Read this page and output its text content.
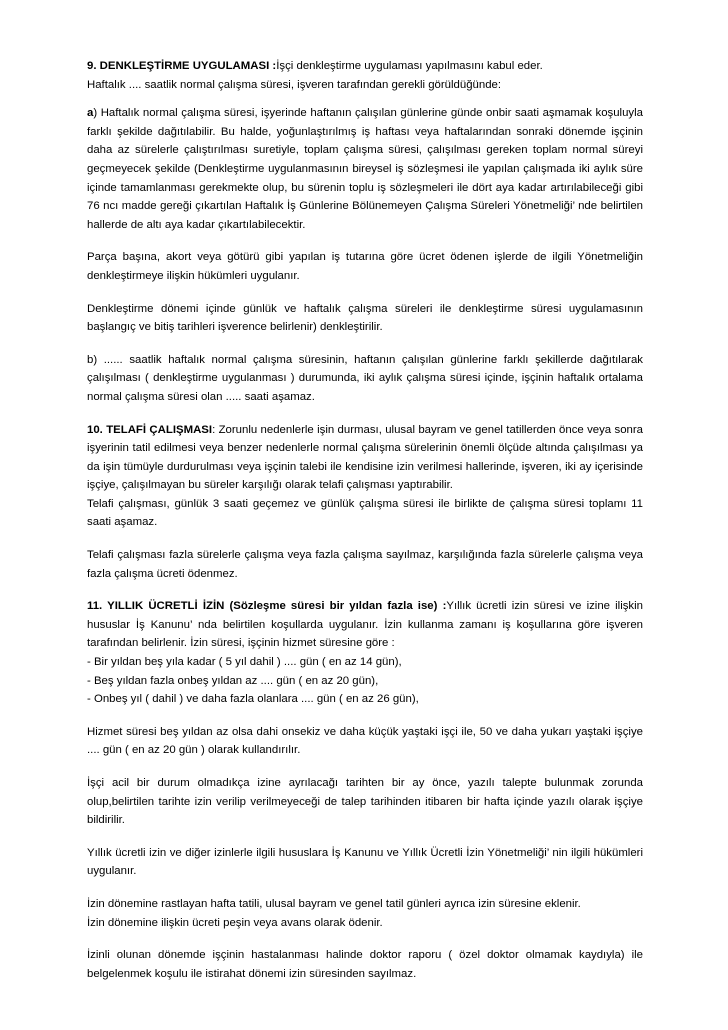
9. DENKLEŞTİRME UYGULAMASI :İşçi denkleştirme uygulaması yapılmasını kabul eder.
Haftalık .... saatlik normal çalışma süresi, işveren tarafından gerekli görüldüğünde:

a) Haftalık normal çalışma süresi, işyerinde haftanın çalışılan günlerine günde onbir saati aşmamak koşuluyla farklı şekilde dağıtılabilir. Bu halde, yoğunlaştırılmış iş haftası veya haftalarından sonraki dönemde işçinin daha az sürelerle çalıştırılması suretiyle, toplam çalışma süresi, çalışılması gereken toplam normal süreyi geçmeyecek şekilde (Denkleştirme uygulanmasının bireysel iş sözleşmesi ile yapılan çalışmada iki aylık süre içinde tamamlanması gerekmekte olup, bu sürenin toplu iş sözleşmeleri ile dört aya kadar artırılabileceği gibi 76 ncı madde gereği çıkartılan Haftalık İş Günlerine Bölünemeyen Çalışma Süreleri Yönetmeliği’ nde belirtilen hallerde de altı aya kadar çıkartılabilecektir.

Parça başına, akort veya götürü gibi yapılan iş tutarına göre ücret ödenen işlerde de ilgili Yönetmeliğin denkleştirmeye ilişkin hükümleri uygulanır.

Denkleştirme dönemi içinde günlük ve haftalık çalışma süreleri ile denkleştirme süresi uygulamasının başlangıç ve bitiş tarihleri işverence belirlenir) denkleştirilir.

b) ...... saatlik haftalık normal çalışma süresinin, haftanın çalışılan günlerine farklı şekillerde dağıtılarak çalışılması ( denkleştirme uygulanması ) durumunda, iki aylık çalışma süresi içinde, işçinin haftalık ortalama normal çalışma süresi olan ..... saati aşamaz.

10. TELAFİ ÇALIŞMASI: Zorunlu nedenlerle işin durması, ulusal bayram ve genel tatillerden önce veya sonra işyerinin tatil edilmesi veya benzer nedenlerle normal çalışma sürelerinin önemli ölçüde altında çalışılması ya da işin tümüyle durdurulması veya işçinin talebi ile kendisine izin verilmesi hallerinde, işveren, iki ay içerisinde işçiye, çalışılmayan bu süreler karşılığı olarak telafi çalışması yaptırabilir.
Telafi çalışması, günlük 3 saati geçemez ve günlük çalışma süresi ile birlikte de çalışma süresi toplamı 11 saati aşamaz.

Telafi çalışması fazla sürelerle çalışma veya fazla çalışma sayılmaz, karşılığında fazla sürelerle çalışma veya fazla çalışma ücreti ödenmez.

11. YILLIK ÜCRETLİ İZİN (Sözleşme süresi bir yıldan fazla ise) :Yıllık ücretli izin süresi ve izine ilişkin hususlar İş Kanunu’ nda belirtilen koşullarda uygulanır. İzin kullanma zamanı iş koşullarına göre işveren tarafından belirlenir. İzin süresi, işçinin hizmet süresine göre :
- Bir yıldan beş yıla kadar ( 5 yıl dahil ) .... gün ( en az 14 gün),
- Beş yıldan fazla onbeş yıldan az .... gün ( en az 20 gün),
- Onbeş yıl ( dahil ) ve daha fazla olanlara .... gün ( en az 26 gün),

Hizmet süresi beş yıldan az olsa dahi onsekiz ve daha küçük yaştaki işçi ile, 50 ve daha yukarı yaştaki işçiye .... gün ( en az 20 gün ) olarak kullandırılır.

İşçi acil bir durum olmadıkça izine ayrılacağı tarihten bir ay önce, yazılı talepte bulunmak zorunda olup,belirtilen tarihte izin verilip verilmeyeceği de talep tarihinden itibaren bir hafta içinde yazılı olarak işçiye bildirilir.

Yıllık ücretli izin ve diğer izinlerle ilgili hususlara İş Kanunu ve Yıllık Ücretli İzin Yönetmeliği’ nin ilgili hükümleri uygulanır.

İzin dönemine rastlayan hafta tatili, ulusal bayram ve genel tatil günleri ayrıca izin süresine eklenir.
İzin dönemine ilişkin ücreti peşin veya avans olarak ödenir.

İzinli olunan dönemde işçinin hastalanması halinde doktor raporu ( özel doktor olmamak kaydıyla) ile belgelenmek koşulu ile istirahat dönemi izin süresinden sayılmaz.
